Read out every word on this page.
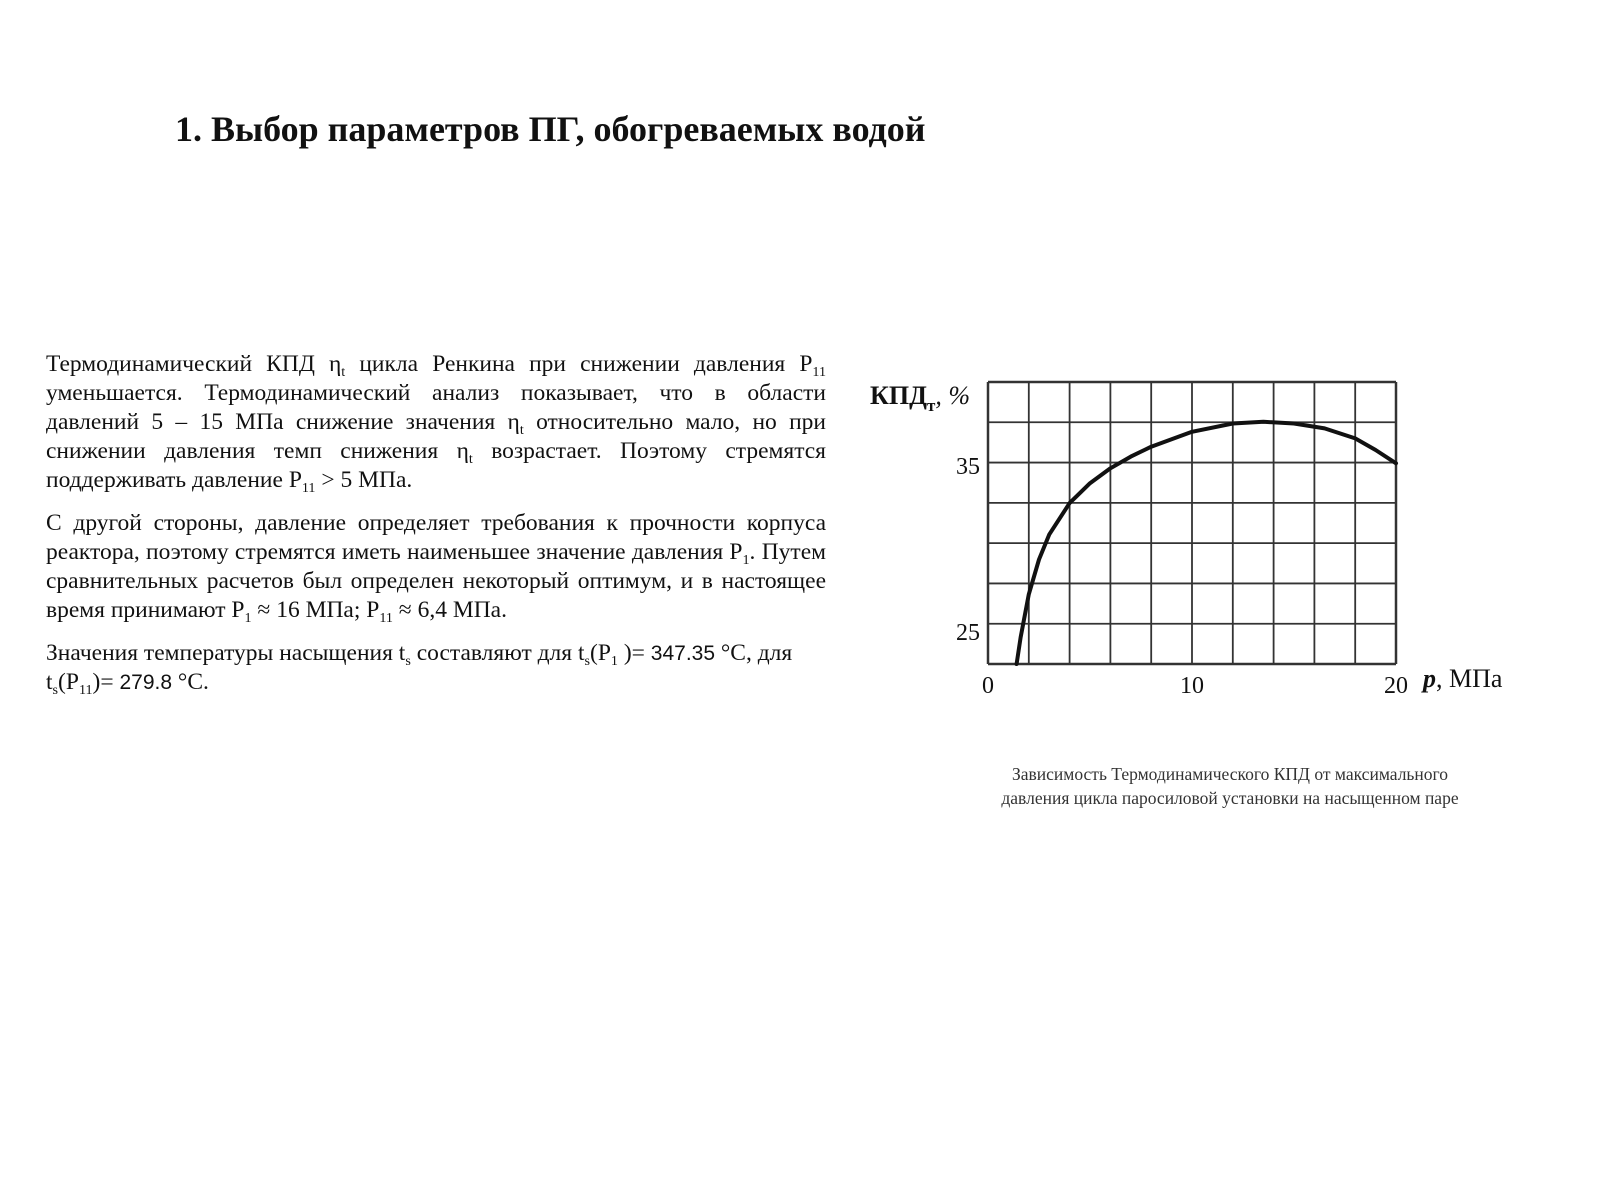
1. Выбор параметров ПГ, обогреваемых водой

Термодинамический КПД $\eta_t$ цикла Ренкина при снижении давления $Р_{11}$ уменьшается. Термодинамический анализ показывает, что в области давлений 5 – 15 МПа снижение значения $\eta_t$ относительно мало, но при снижении давления темп снижения $\eta_t$ возрастает. Поэтому стремятся поддерживать давление $Р_{11} > 5$ МПа.

С другой стороны, давление определяет требования к прочности корпуса реактора, поэтому стремятся иметь наименьшее значение давления $Р_1$. Путем сравнительных расчетов был определен некоторый оптимум, и в настоящее время принимают $Р_1 \approx 16$ МПа; $Р_{11} \approx 6,4$ МПа.

Значения температуры насыщения $t_s$ составляют для $t_s(Р_1$ )= 347.35 °С, для $t_s(Р_{11})= 279.8$ °С.	0	10	20
25
35
$КПД_т$, %
p, МПа
Зависимость Термодинамического КПД от максимального
давления цикла паросиловой установки на насыщенном паре
